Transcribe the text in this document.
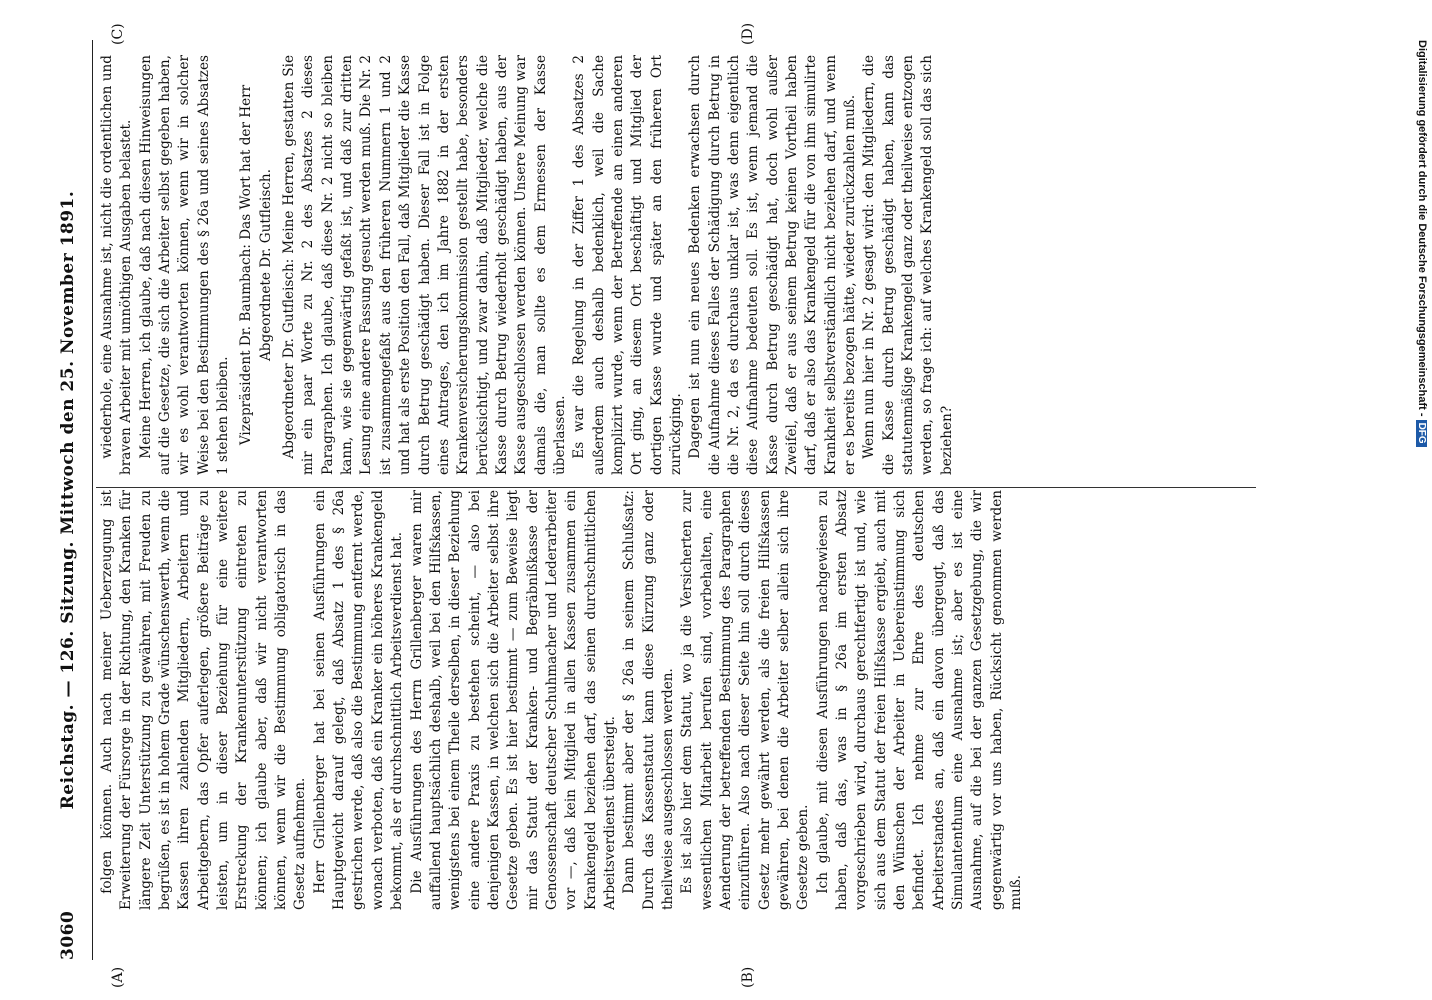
3060
Reichstag. — 126. Sitzung. Mittwoch den 25. November 1891.
(A)	(B)
(C)	(D)

folgen können. Auch nach meiner Ueberzeugung ist Erweiterung der Fürsorge in der Richtung, den Kranken für längere Zeit Unterstützung zu gewähren, mit Freuden zu begrüßen, es ist in hohem Grade wünschenswerth, wenn die Kassen ihren zahlenden Mitgliedern, Arbeitern und Arbeitgebern, das Opfer auferlegen, größere Beiträge zu leisten, um in dieser Beziehung für eine weitere Erstreckung der Krankenunterstützung eintreten zu können; ich glaube aber, daß wir nicht verantworten können, wenn wir die Bestimmung obligatorisch in das Gesetz aufnehmen. Herr Grillenberger hat bei seinen Ausführungen ein Hauptgewicht darauf gelegt, daß Absatz 1 des § 26a gestrichen werde, daß also die Bestimmung entfernt werde, wonach verboten, daß ein Kranker ein höheres Krankengeld bekommt, als er durchschnittlich Arbeitsverdienst hat. Die Ausführungen des Herrn Grillenberger waren mir auffallend hauptsächlich deshalb, weil bei den Hilfskassen, wenigstens bei einem Theile derselben, in dieser Beziehung eine andere Praxis zu bestehen scheint, — also bei denjenigen Kassen, in welchen sich die Arbeiter selbst ihre Gesetze geben. Es ist hier bestimmt — zum Beweise liegt mir das Statut der Kranken- und Begräbnißkasse der Genossenschaft deutscher Schuhmacher und Lederarbeiter vor —, daß kein Mitglied in allen Kassen zusammen ein Krankengeld beziehen darf, das seinen durchschnittlichen Arbeitsverdienst übersteigt. Dann bestimmt aber der § 26a in seinem Schlußsatz: Durch das Kassenstatut kann diese Kürzung ganz oder theilweise ausgeschlossen werden. Es ist also hier dem Statut, wo ja die Versicherten zur wesentlichen Mitarbeit berufen sind, vorbehalten, eine Aenderung der betreffenden Bestimmung des Paragraphen einzuführen. Also nach dieser Seite hin soll durch dieses Gesetz mehr gewährt werden, als die freien Hilfskassen gewähren, bei denen die Arbeiter selber allein sich ihre Gesetze geben. Ich glaube, mit diesen Ausführungen nachgewiesen zu haben, daß das, was in § 26a im ersten Absatz vorgeschrieben wird, durchaus gerechtfertigt ist und, wie sich aus dem Statut der freien Hilfskasse ergiebt, auch mit den Wünschen der Arbeiter in Uebereinstimmung sich befindet. Ich nehme zur Ehre des deutschen Arbeiterstandes an, daß ein davon übergeugt, daß das Simulantenthum eine Ausnahme ist; aber es ist eine Ausnahme, auf die bei der ganzen Gesetzgebung, die wir gegenwärtig vor uns haben, Rücksicht genommen werden muß.

wiederhole, eine Ausnahme ist, nicht die ordentlichen und braven Arbeiter mit unnöthigen Ausgaben belastet. Meine Herren, ich glaube, daß nach diesen Hinweisungen auf die Gesetze, die sich die Arbeiter selbst gegeben haben, wir es wohl verantworten können, wenn wir in solcher Weise bei den Bestimmungen des § 26a und seines Absatzes 1 stehen bleiben. Vizepräsident Dr. Baumbach: Das Wort hat der Herr Abgeordnete Dr. Gutfleisch. Abgeordneter Dr. Gutfleisch: Meine Herren, gestatten Sie mir ein paar Worte zu Nr. 2 des Absatzes 2 dieses Paragraphen. Ich glaube, daß diese Nr. 2 nicht so bleiben kann, wie sie gegenwärtig gefaßt ist, und daß zur dritten Lesung eine andere Fassung gesucht werden muß. Die Nr. 2 ist zusammengefaßt aus den früheren Nummern 1 und 2 und hat als erste Position den Fall, daß Mitglieder die Kasse durch Betrug geschädigt haben. Dieser Fall ist in Folge eines Antrages, den ich im Jahre 1882 in der ersten Krankenversicherungskommission gestellt habe, besonders berücksichtigt, und zwar dahin, daß Mitglieder, welche die Kasse durch Betrug wiederholt geschädigt haben, aus der Kasse ausgeschlossen werden können. Unsere Meinung war damals die, man sollte es dem Ermessen der Kasse überlassen. Es war die Regelung in der Ziffer 1 des Absatzes 2 außerdem auch deshalb bedenklich, weil die Sache komplizirt wurde, wenn der Betreffende an einen anderen Ort ging, an diesem Ort beschäftigt und Mitglied der dortigen Kasse wurde und später an den früheren Ort zurückging. Dagegen ist nun ein neues Bedenken erwachsen durch die Aufnahme dieses Falles der Schädigung durch Betrug in die Nr. 2, da es durchaus unklar ist, was denn eigentlich diese Aufnahme bedeuten soll. Es ist, wenn jemand die Kasse durch Betrug geschädigt hat, doch wohl außer Zweifel, daß er aus seinem Betrug keinen Vortheil haben darf, daß er also das Krankengeld für die von ihm simulirte Krankheit selbstverständlich nicht beziehen darf, und wenn er es bereits bezogen hätte, wieder zurückzahlen muß. Wenn nun hier in Nr. 2 gesagt wird: den Mitgliedern, die die Kasse durch Betrug geschädigt haben, kann das statutenmäßige Krankengeld ganz oder theilweise entzogen werden, so frage ich: auf welches Krankengeld soll das sich beziehen?

Digitalisierung gefördert durch die Deutsche Forschungsgemeinschaft - DFG
